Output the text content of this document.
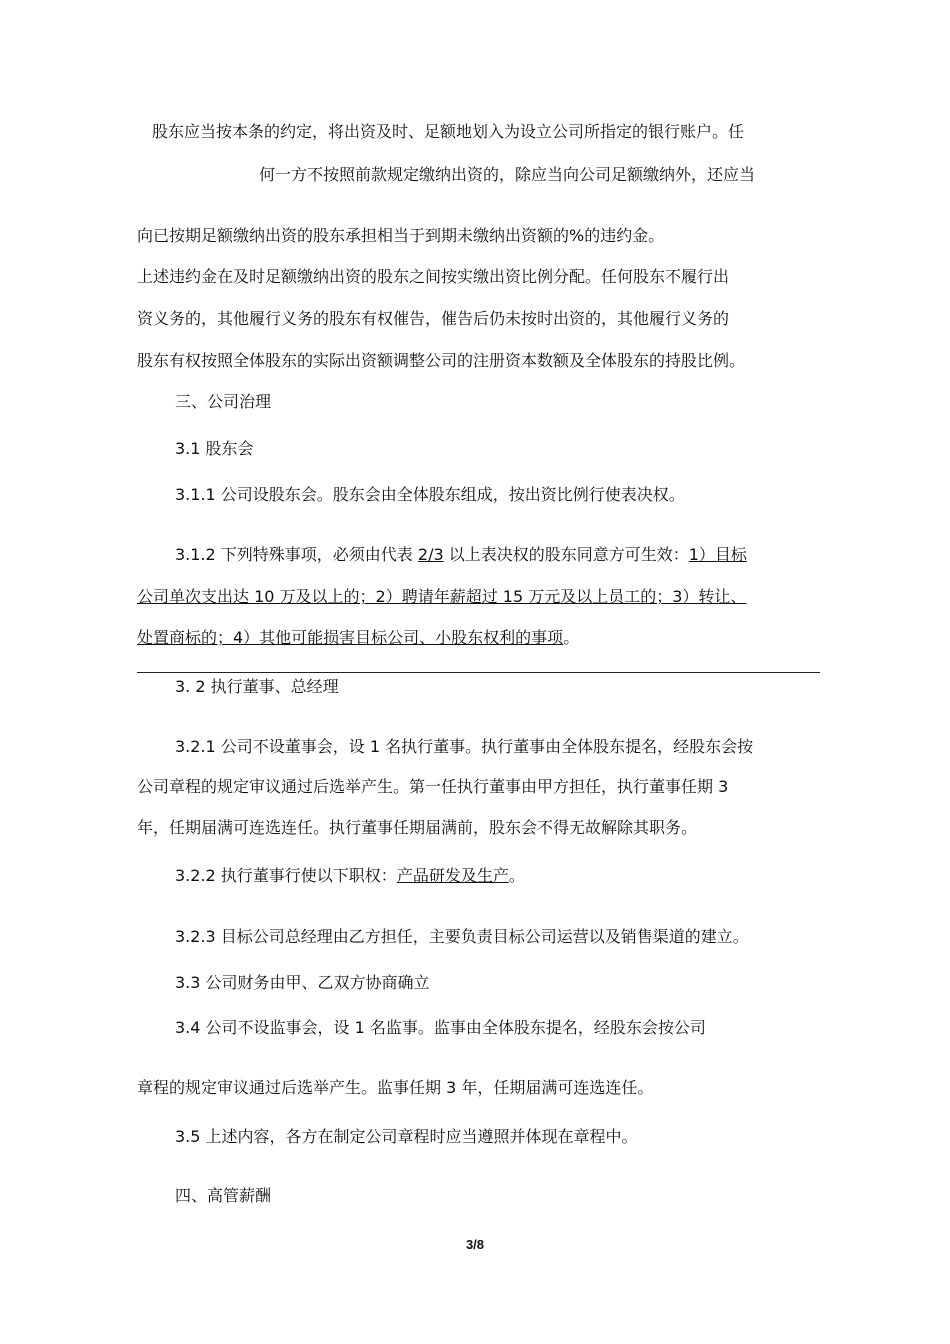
股东应当按本条的约定，将出资及时、足额地划入为设立公司所指定的银行账户。任
何一方不按照前款规定缴纳出资的，除应当向公司足额缴纳外，还应当
向已按期足额缴纳出资的股东承担相当于到期未缴纳出资额的%的违约金。
上述违约金在及时足额缴纳出资的股东之间按实缴出资比例分配。任何股东不履行出
资义务的，其他履行义务的股东有权催告，催告后仍未按时出资的，其他履行义务的
股东有权按照全体股东的实际出资额调整公司的注册资本数额及全体股东的持股比例。
三、公司治理
3.1 股东会
3.1.1 公司设股东会。股东会由全体股东组成，按出资比例行使表决权。
3.1.2 下列特殊事项，必须由代表 2/3 以上表决权的股东同意方可生效：1）目标
公司单次支出达 10 万及以上的；2）聘请年薪超过 15 万元及以上员工的；3）转让、
处置商标的；4）其他可能损害目标公司、小股东权利的事项。
3. 2 执行董事、总经理
3.2.1 公司不设董事会，设 1 名执行董事。执行董事由全体股东提名，经股东会按
公司章程的规定审议通过后选举产生。第一任执行董事由甲方担任，执行董事任期 3
年，任期届满可连选连任。执行董事任期届满前，股东会不得无故解除其职务。
3.2.2 执行董事行使以下职权：产品研发及生产。
3.2.3 目标公司总经理由乙方担任，主要负责目标公司运营以及销售渠道的建立。
3.3 公司财务由甲、乙双方协商确立
3.4 公司不设监事会，设 1 名监事。监事由全体股东提名，经股东会按公司
章程的规定审议通过后选举产生。监事任期 3 年，任期届满可连选连任。
3.5 上述内容，各方在制定公司章程时应当遵照并体现在章程中。
四、高管薪酬
3/8
